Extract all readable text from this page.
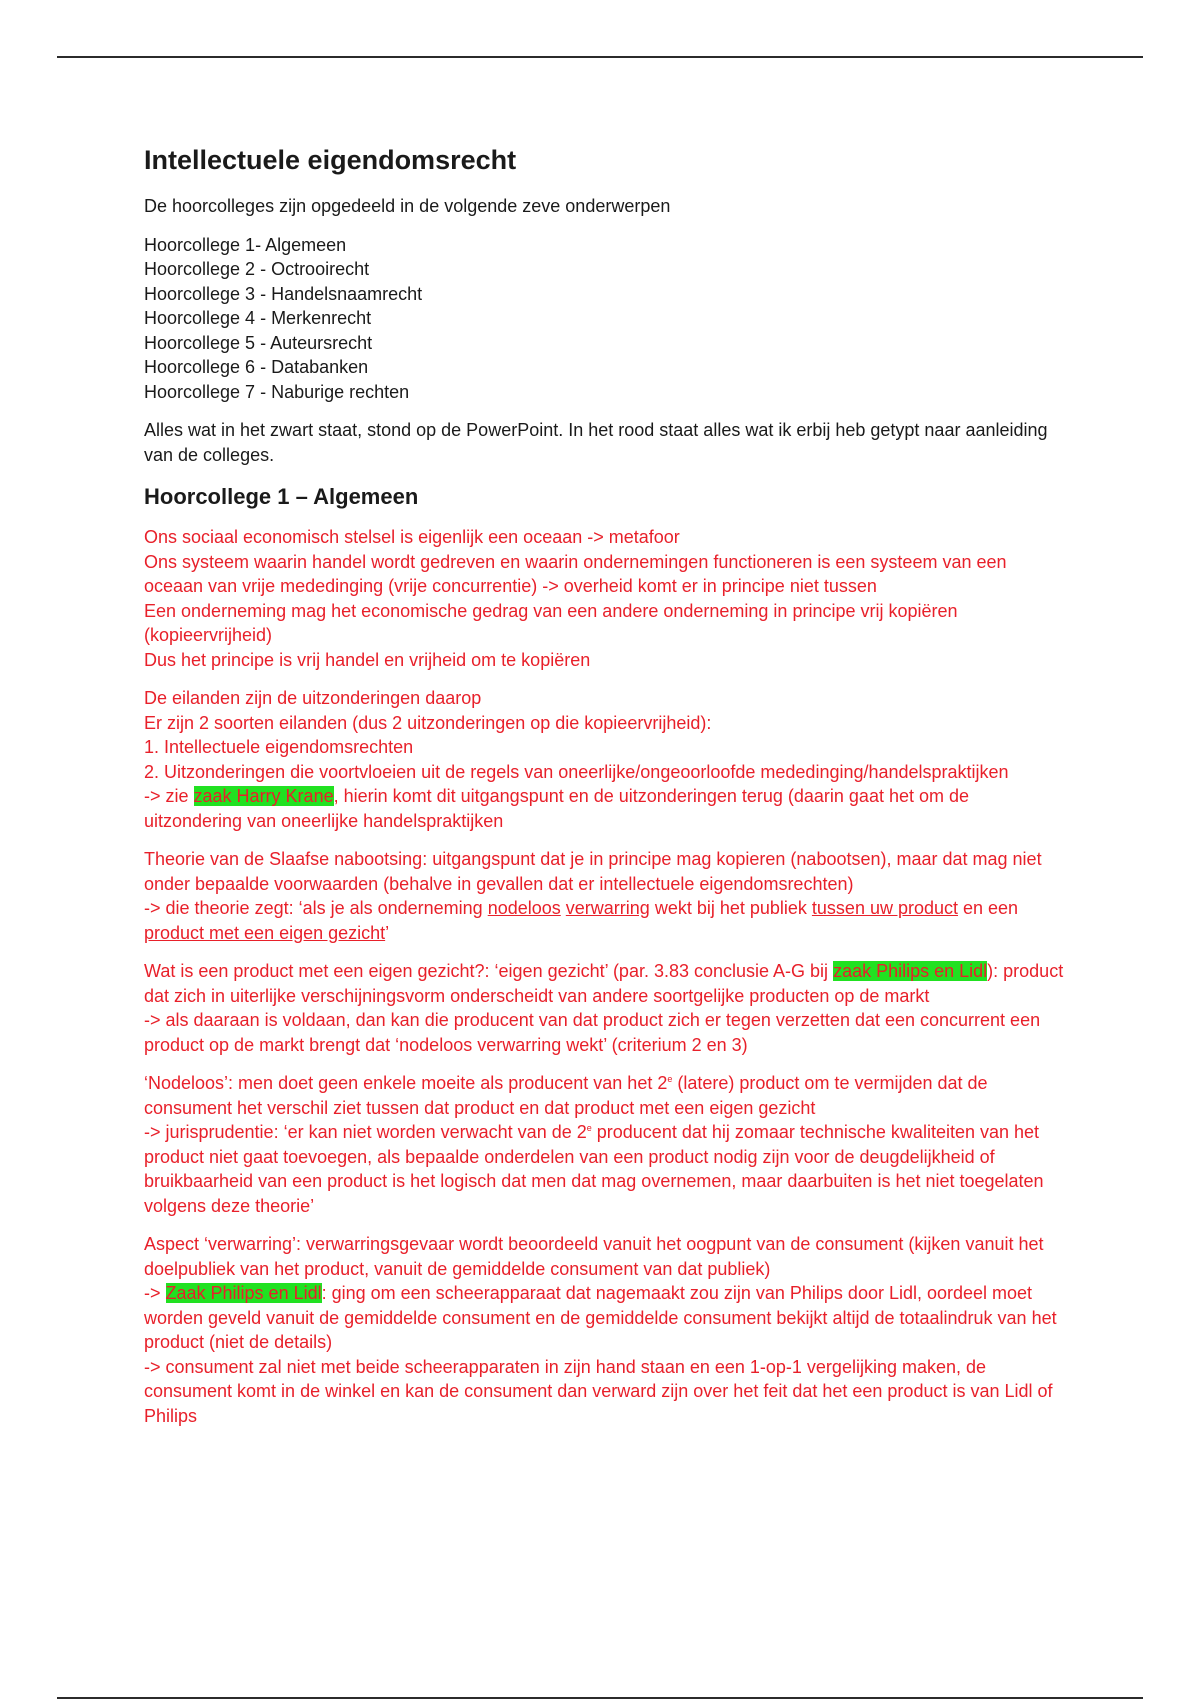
Intellectuele eigendomsrecht

De hoorcolleges zijn opgedeeld in de volgende zeve onderwerpen

Hoorcollege 1- Algemeen
Hoorcollege 2 - Octrooirecht
Hoorcollege 3 - Handelsnaamrecht
Hoorcollege 4 - Merkenrecht
Hoorcollege 5 - Auteursrecht
Hoorcollege 6 - Databanken
Hoorcollege 7 - Naburige rechten

Alles wat in het zwart staat, stond op de PowerPoint. In het rood staat alles wat ik erbij heb getypt naar aanleiding van de colleges.

Hoorcollege 1 – Algemeen

Ons sociaal economisch stelsel is eigenlijk een oceaan -> metafoor
Ons systeem waarin handel wordt gedreven en waarin ondernemingen functioneren is een systeem van een oceaan van vrije mededinging (vrije concurrentie) -> overheid komt er in principe niet tussen
Een onderneming mag het economische gedrag van een andere onderneming in principe vrij kopiëren (kopieervrijheid)
Dus het principe is vrij handel en vrijheid om te kopiëren

De eilanden zijn de uitzonderingen daarop
Er zijn 2 soorten eilanden (dus 2 uitzonderingen op die kopieervrijheid):
1. Intellectuele eigendomsrechten
2. Uitzonderingen die voortvloeien uit de regels van oneerlijke/ongeoorloofde mededinging/handelspraktijken
-> zie zaak Harry Krane, hierin komt dit uitgangspunt en de uitzonderingen terug (daarin gaat het om de uitzondering van oneerlijke handelspraktijken

Theorie van de Slaafse nabootsing: uitgangspunt dat je in principe mag kopieren (nabootsen), maar dat mag niet onder bepaalde voorwaarden (behalve in gevallen dat er intellectuele eigendomsrechten)
-> die theorie zegt: ‘als je als onderneming nodeloos verwarring wekt bij het publiek tussen uw product en een product met een eigen gezicht’

Wat is een product met een eigen gezicht?: ‘eigen gezicht’ (par. 3.83 conclusie A-G bij zaak Philips en Lidl): product dat zich in uiterlijke verschijningsvorm onderscheidt van andere soortgelijke producten op de markt
-> als daaraan is voldaan, dan kan die producent van dat product zich er tegen verzetten dat een concurrent een product op de markt brengt dat ‘nodeloos verwarring wekt’ (criterium 2 en 3)

‘Nodeloos’: men doet geen enkele moeite als producent van het 2e (latere) product om te vermijden dat de consument het verschil ziet tussen dat product en dat product met een eigen gezicht
-> jurisprudentie: ‘er kan niet worden verwacht van de 2e producent dat hij zomaar technische kwaliteiten van het product niet gaat toevoegen, als bepaalde onderdelen van een product nodig zijn voor de deugdelijkheid of bruikbaarheid van een product is het logisch dat men dat mag overnemen, maar daarbuiten is het niet toegelaten volgens deze theorie’

Aspect ‘verwarring’: verwarringsgevaar wordt beoordeeld vanuit het oogpunt van de consument (kijken vanuit het doelpubliek van het product, vanuit de gemiddelde consument van dat publiek)
-> Zaak Philips en Lidl: ging om een scheerapparaat dat nagemaakt zou zijn van Philips door Lidl, oordeel moet worden geveld vanuit de gemiddelde consument en de gemiddelde consument bekijkt altijd de totaalindruk van het product (niet de details)
-> consument zal niet met beide scheerapparaten in zijn hand staan en een 1-op-1 vergelijking maken, de consument komt in de winkel en kan de consument dan verward zijn over het feit dat het een product is van Lidl of Philips
